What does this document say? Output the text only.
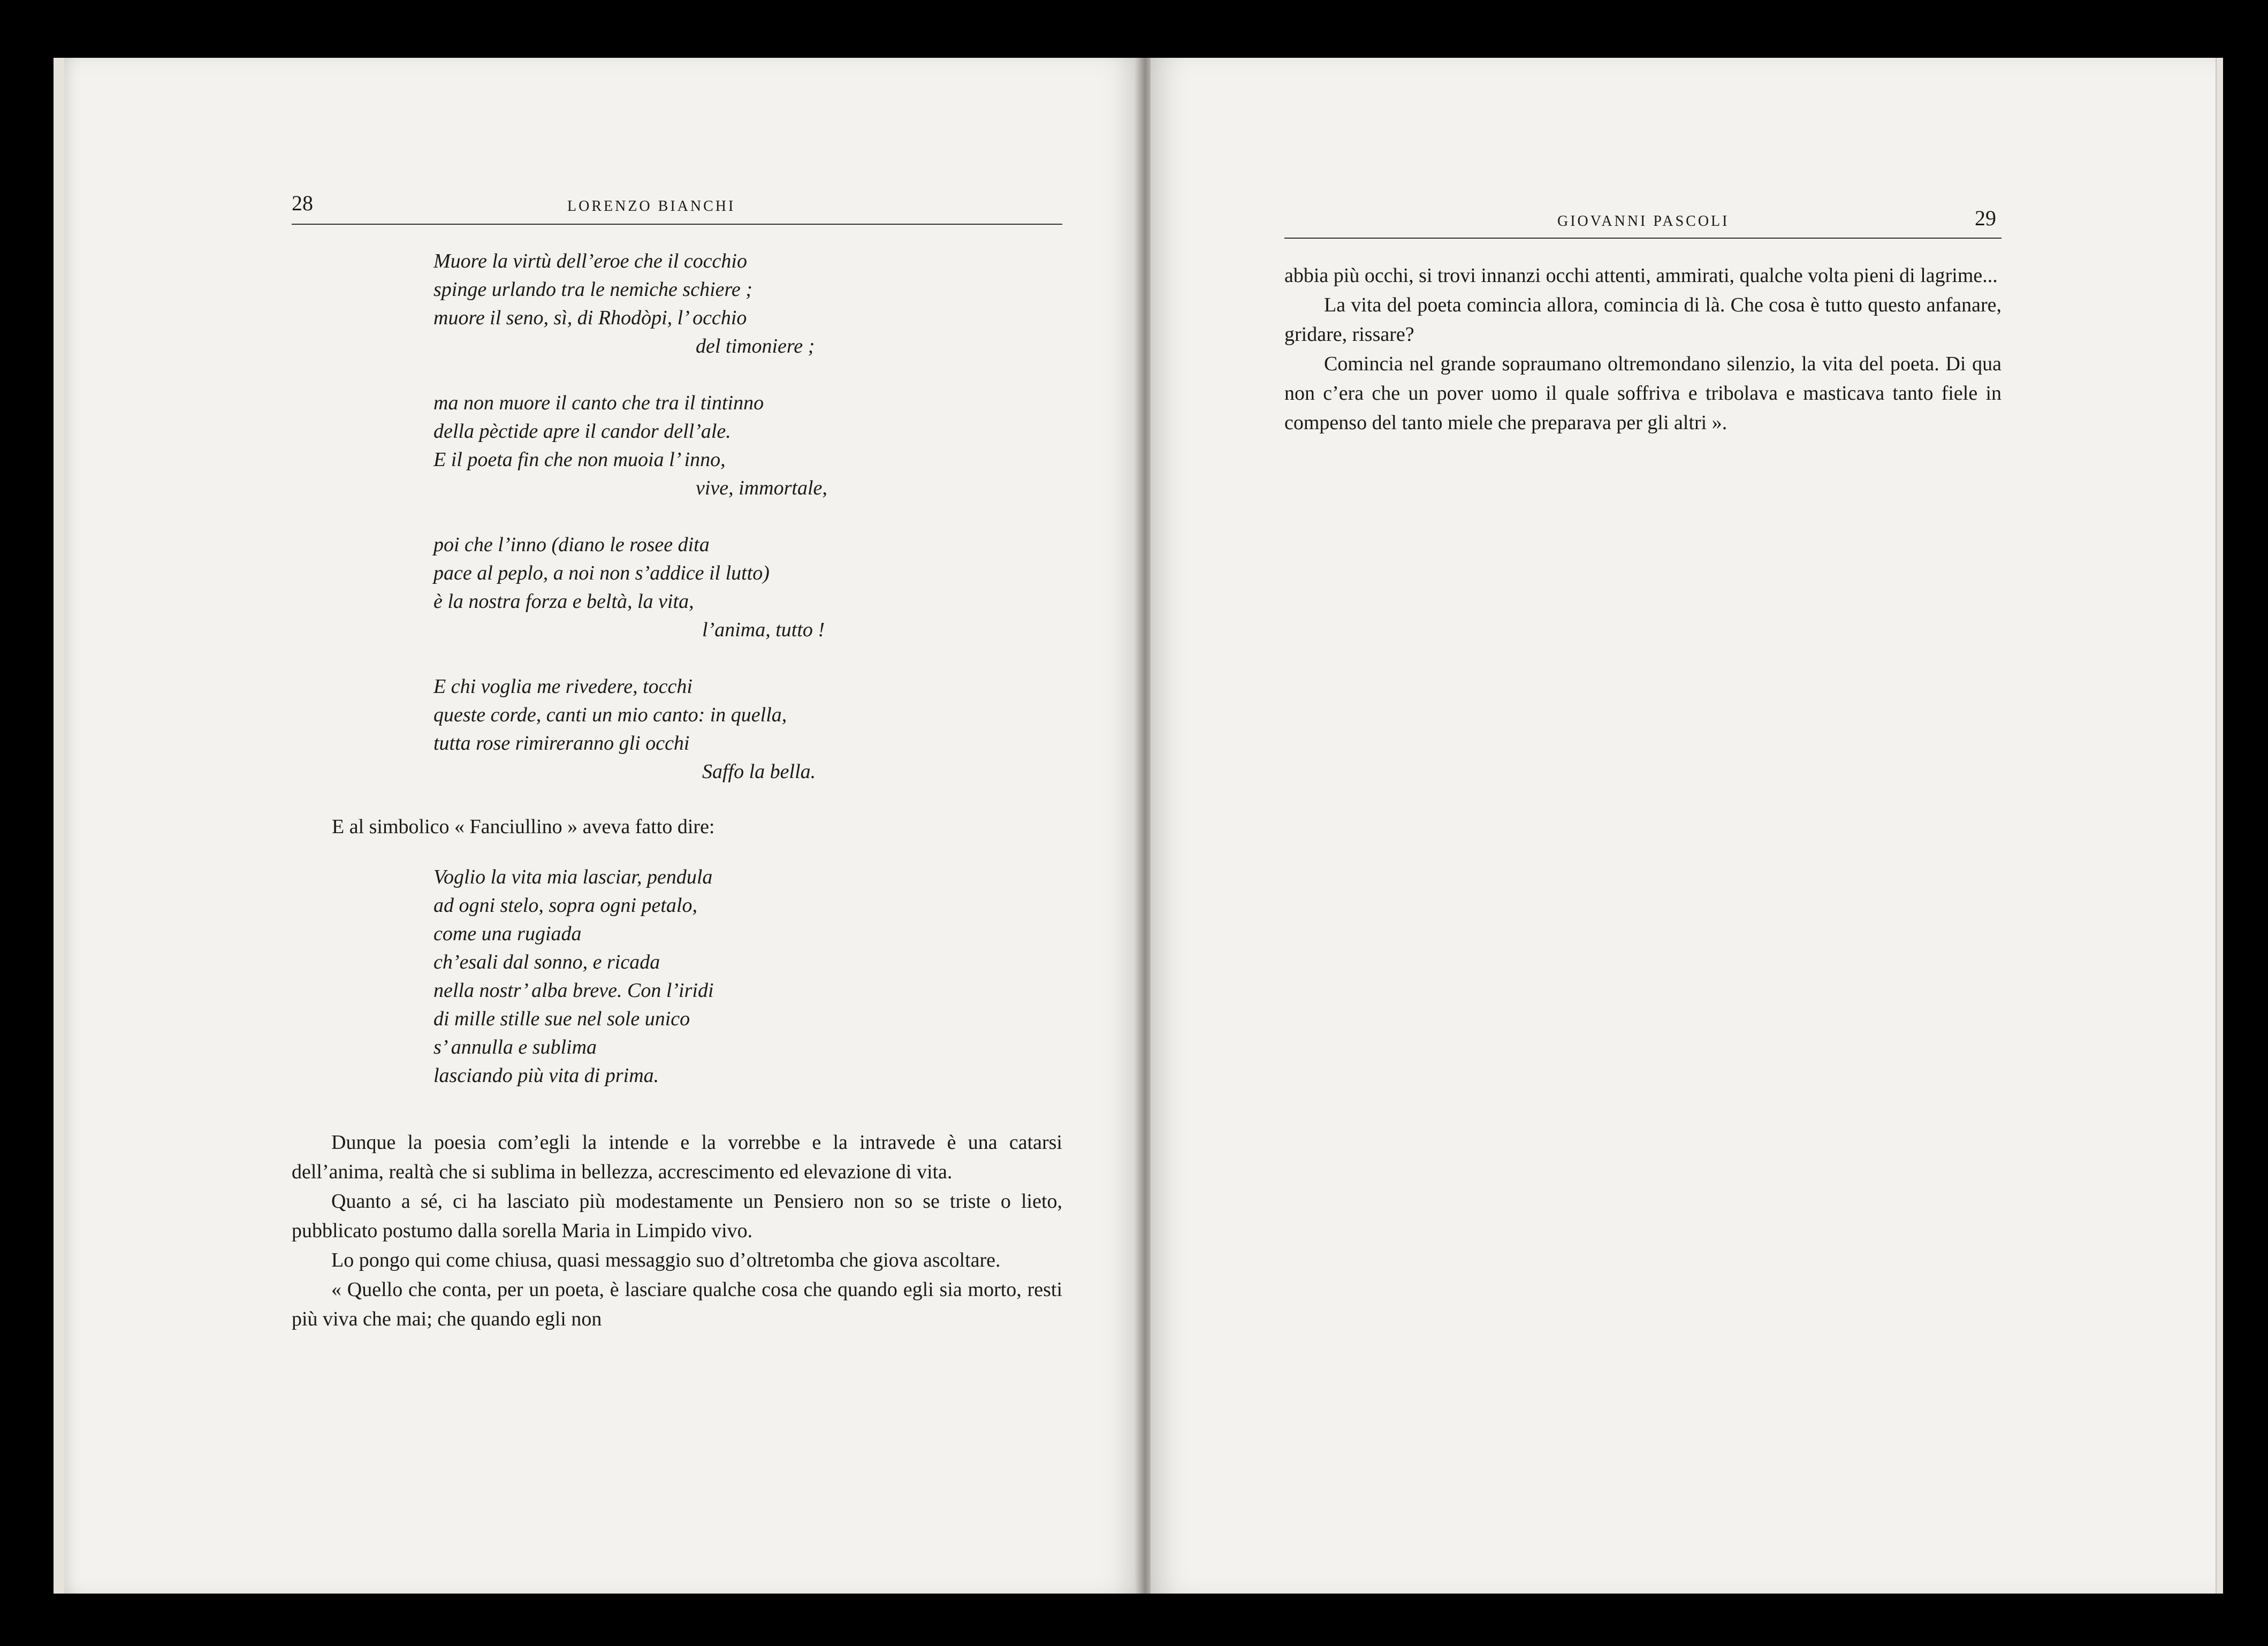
28	LORENZO BIANCHI
Muore la virtù dell’eroe che il cocchio
spinge urlando tra le nemiche schiere ;
muore il seno, sì, di Rhodòpi, l’ occhio
del timoniere ;
ma non muore il canto che tra il tintinno
della pèctide apre il candor dell’ale.
E il poeta fin che non muoia l’ inno,
vive, immortale,
poi che l’inno (diano le rosee dita
pace al peplo, a noi non s’addice il lutto)
è la nostra forza e beltà, la vita,
l’anima, tutto !
E chi voglia me rivedere, tocchi
queste corde, canti un mio canto: in quella,
tutta rose rimireranno gli occhi
Saffo la bella.
E al simbolico « Fanciullino » aveva fatto dire:
Voglio la vita mia lasciar, pendula
ad ogni stelo, sopra ogni petalo,
come una rugiada
ch’esali dal sonno, e ricada
nella nostr’ alba breve. Con l’iridi
di mille stille sue nel sole unico
s’ annulla e sublima
lasciando più vita di prima.

Dunque la poesia com’egli la intende e la vorrebbe e la intravede è una catarsi dell’anima, realtà che si sublima in bellezza, accrescimento ed elevazione di vita.

Quanto a sé, ci ha lasciato più modestamente un Pensiero non so se triste o lieto, pubblicato postumo dalla sorella Maria in Limpido vivo.

Lo pongo qui come chiusa, quasi messaggio suo d’oltretomba che giova ascoltare.

« Quello che conta, per un poeta, è lasciare qualche cosa che quando egli sia morto, resti più viva che mai; che quando egli non

GIOVANNI PASCOLI	29

abbia più occhi, si trovi innanzi occhi attenti, ammirati, qualche volta pieni di lagrime...

La vita del poeta comincia allora, comincia di là. Che cosa è tutto questo anfanare, gridare, rissare?

Comincia nel grande sopraumano oltremondano silenzio, la vita del poeta. Di qua non c’era che un pover uomo il quale soffriva e tribolava e masticava tanto fiele in compenso del tanto miele che preparava per gli altri ».
